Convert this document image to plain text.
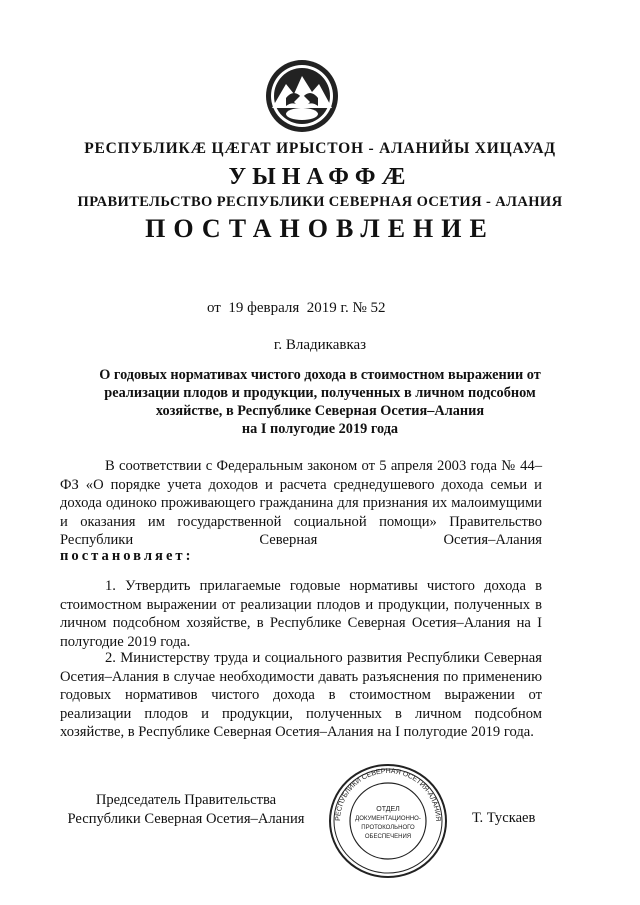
РЕСПУБЛИКÆ ЦÆГАТ ИРЫСТОН - АЛАНИЙЫ ХИЦАУАД
УЫНАФФÆ
ПРАВИТЕЛЬСТВО РЕСПУБЛИКИ СЕВЕРНАЯ ОСЕТИЯ - АЛАНИЯ
ПОСТАНОВЛЕНИЕ
от  19 февраля  2019 г. № 52
г. Владикавказ
О годовых нормативах чистого дохода в стоимостном выражении от
реализации плодов и продукции, полученных в личном подсобном
хозяйстве, в Республике Северная Осетия–Алания
на I полугодие 2019 года
В соответствии с Федеральным законом от 5 апреля 2003 года № 44–ФЗ «О порядке учета доходов и расчета среднедушевого дохода семьи и дохода одиноко проживающего гражданина для признания их малоимущими и оказания им государственной социальной помощи» Правительство Республики Северная Осетия–Алания
постановляет:
1. Утвердить прилагаемые годовые нормативы чистого дохода в стоимостном выражении от реализации плодов и продукции, полученных в личном подсобном хозяйстве, в Республике Северная Осетия–Алания на I полугодие 2019 года.
2. Министерству труда и социального развития Республики Северная Осетия–Алания в случае необходимости давать разъяснения по применению годовых нормативов чистого дохода в стоимостном выражении от реализации плодов и продукции, полученных в личном подсобном хозяйстве, в Республике Северная Осетия–Алания на I полугодие 2019 года.
Председатель Правительства
Республики Северная Осетия–Алания	РЕСПУБЛИКИ СЕВЕРНАЯ ОСЕТИЯ-АЛАНИЯ
ОТДЕЛ
ДОКУМЕНТАЦИОННО-
ПРОТОКОЛЬНОГО
ОБЕСПЕЧЕНИЯ
Т. Тускаев
